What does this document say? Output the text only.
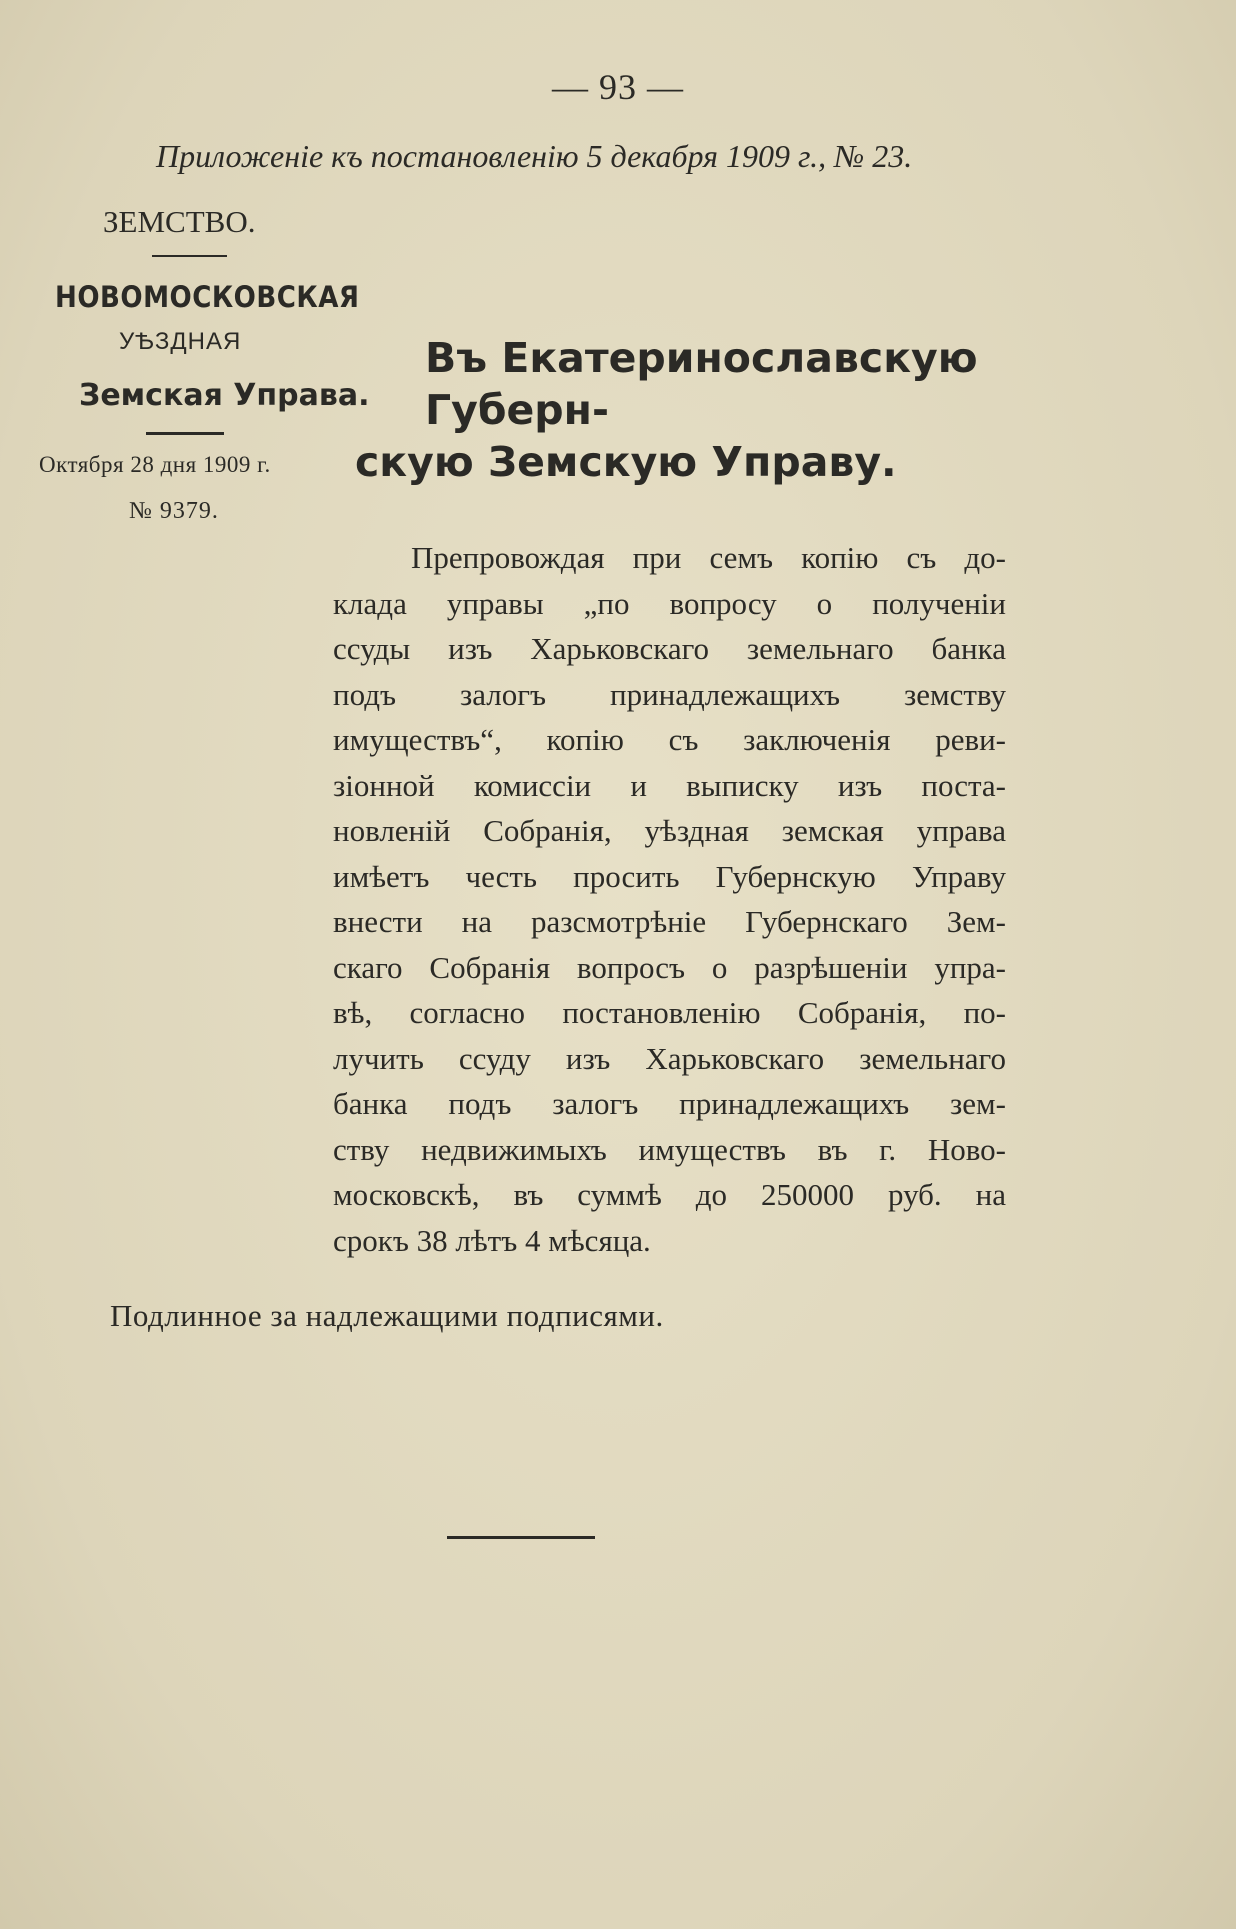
— 93 —
Приложеніе къ постановленію 5 декабря 1909 г., № 23.
ЗЕМСТВО.
НОВОМОСКОВСКАЯ
УѢЗДНАЯ
Земская Управа.
Октября 28 дня 1909 г.
№ 9379.
Въ Екатеринославскую Губерн-
скую Земскую Управу.
Препровождая при семъ копію съ до-
клада управы „по вопросу о полученіи
ссуды изъ Харьковскаго земельнаго банка
подъ залогъ принадлежащихъ земству
имуществъ“, копію съ заключенія реви-
зіонной комиссіи и выписку изъ поста-
новленій Собранія, уѣздная земская управа
имѣетъ честь просить Губернскую Управу
внести на разсмотрѣніе Губернскаго Зем-
скаго Собранія вопросъ о разрѣшеніи упра-
вѣ, согласно постановленію Собранія, по-
лучить ссуду изъ Харьковскаго земельнаго
банка подъ залогъ принадлежащихъ зем-
ству недвижимыхъ имуществъ въ г. Ново-
московскѣ, въ суммѣ до 250000 руб. на
срокъ 38 лѣтъ 4 мѣсяца.
Подлинное за надлежащими подписями.
